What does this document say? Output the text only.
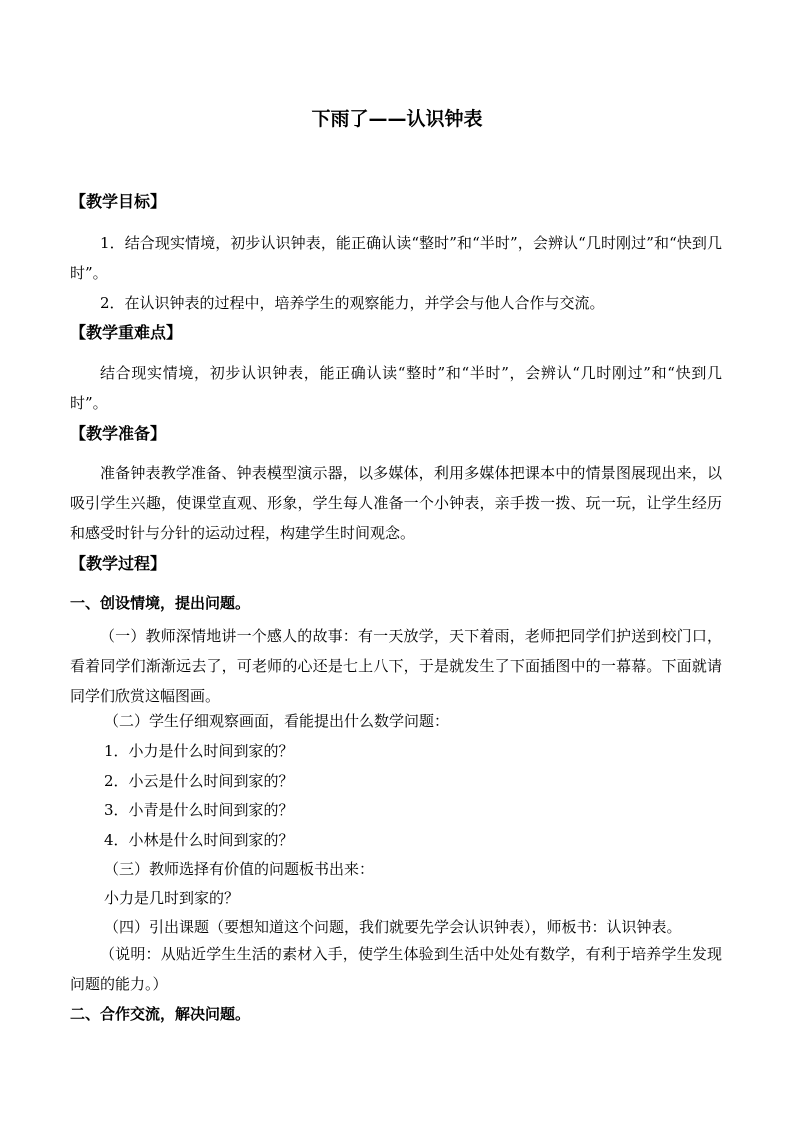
下雨了——认识钟表
【教学目标】

1．结合现实情境，初步认识钟表，能正确认读“整时”和“半时”，会辨认“几时刚过”和“快到几时”。

2．在认识钟表的过程中，培养学生的观察能力，并学会与他人合作与交流。

【教学重难点】

结合现实情境，初步认识钟表，能正确认读“整时”和“半时”，会辨认“几时刚过”和“快到几时”。

【教学准备】

准备钟表教学准备、钟表模型演示器，以多媒体，利用多媒体把课本中的情景图展现出来，以吸引学生兴趣，使课堂直观、形象，学生每人准备一个小钟表，亲手拨一拨、玩一玩，让学生经历和感受时针与分针的运动过程，构建学生时间观念。

【教学过程】
一、创设情境，提出问题。

（一）教师深情地讲一个感人的故事：有一天放学，天下着雨，老师把同学们护送到校门口，看着同学们渐渐远去了，可老师的心还是七上八下，于是就发生了下面插图中的一幕幕。下面就请同学们欣赏这幅图画。

（二）学生仔细观察画面，看能提出什么数学问题：
1．小力是什么时间到家的？
2．小云是什么时间到家的？
3．小青是什么时间到家的？
4．小林是什么时间到家的？
（三）教师选择有价值的问题板书出来：
小力是几时到家的？
（四）引出课题（要想知道这个问题，我们就要先学会认识钟表），师板书：认识钟表。

（说明：从贴近学生生活的素材入手，使学生体验到生活中处处有数学，有利于培养学生发现问题的能力。）

二、合作交流，解决问题。
